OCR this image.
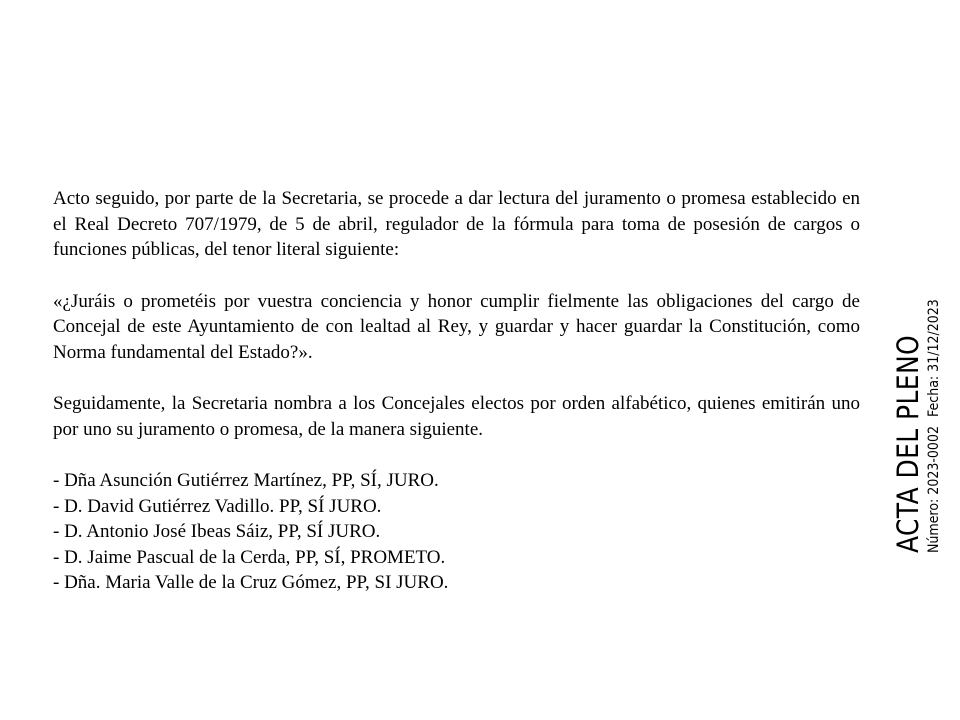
Acto seguido, por parte de la Secretaria, se procede a dar lectura del juramento o promesa establecido en el Real Decreto 707/1979, de 5 de abril, regulador de la fórmula para toma de posesión de cargos o funciones públicas, del tenor literal siguiente:

«¿Juráis o prometéis por vuestra conciencia y honor cumplir fielmente las obligaciones del cargo de Concejal de este Ayuntamiento de con lealtad al Rey, y guardar y hacer guardar la Constitución, como Norma fundamental del Estado?».

Seguidamente, la Secretaria nombra a los Concejales electos por orden alfabético, quienes emitirán uno por uno su juramento o promesa, de la manera siguiente.

- Dña Asunción Gutiérrez Martínez, PP, SÍ, JURO.
- D. David Gutiérrez Vadillo. PP, SÍ JURO.
- D. Antonio José Ibeas Sáiz, PP, SÍ JURO.
- D. Jaime Pascual de la Cerda, PP, SÍ, PROMETO.
- Dña. Maria Valle de la Cruz Gómez, PP, SI JURO.
ACTA DEL PLENO Número: 2023-0002Fecha: 31/12/2023
